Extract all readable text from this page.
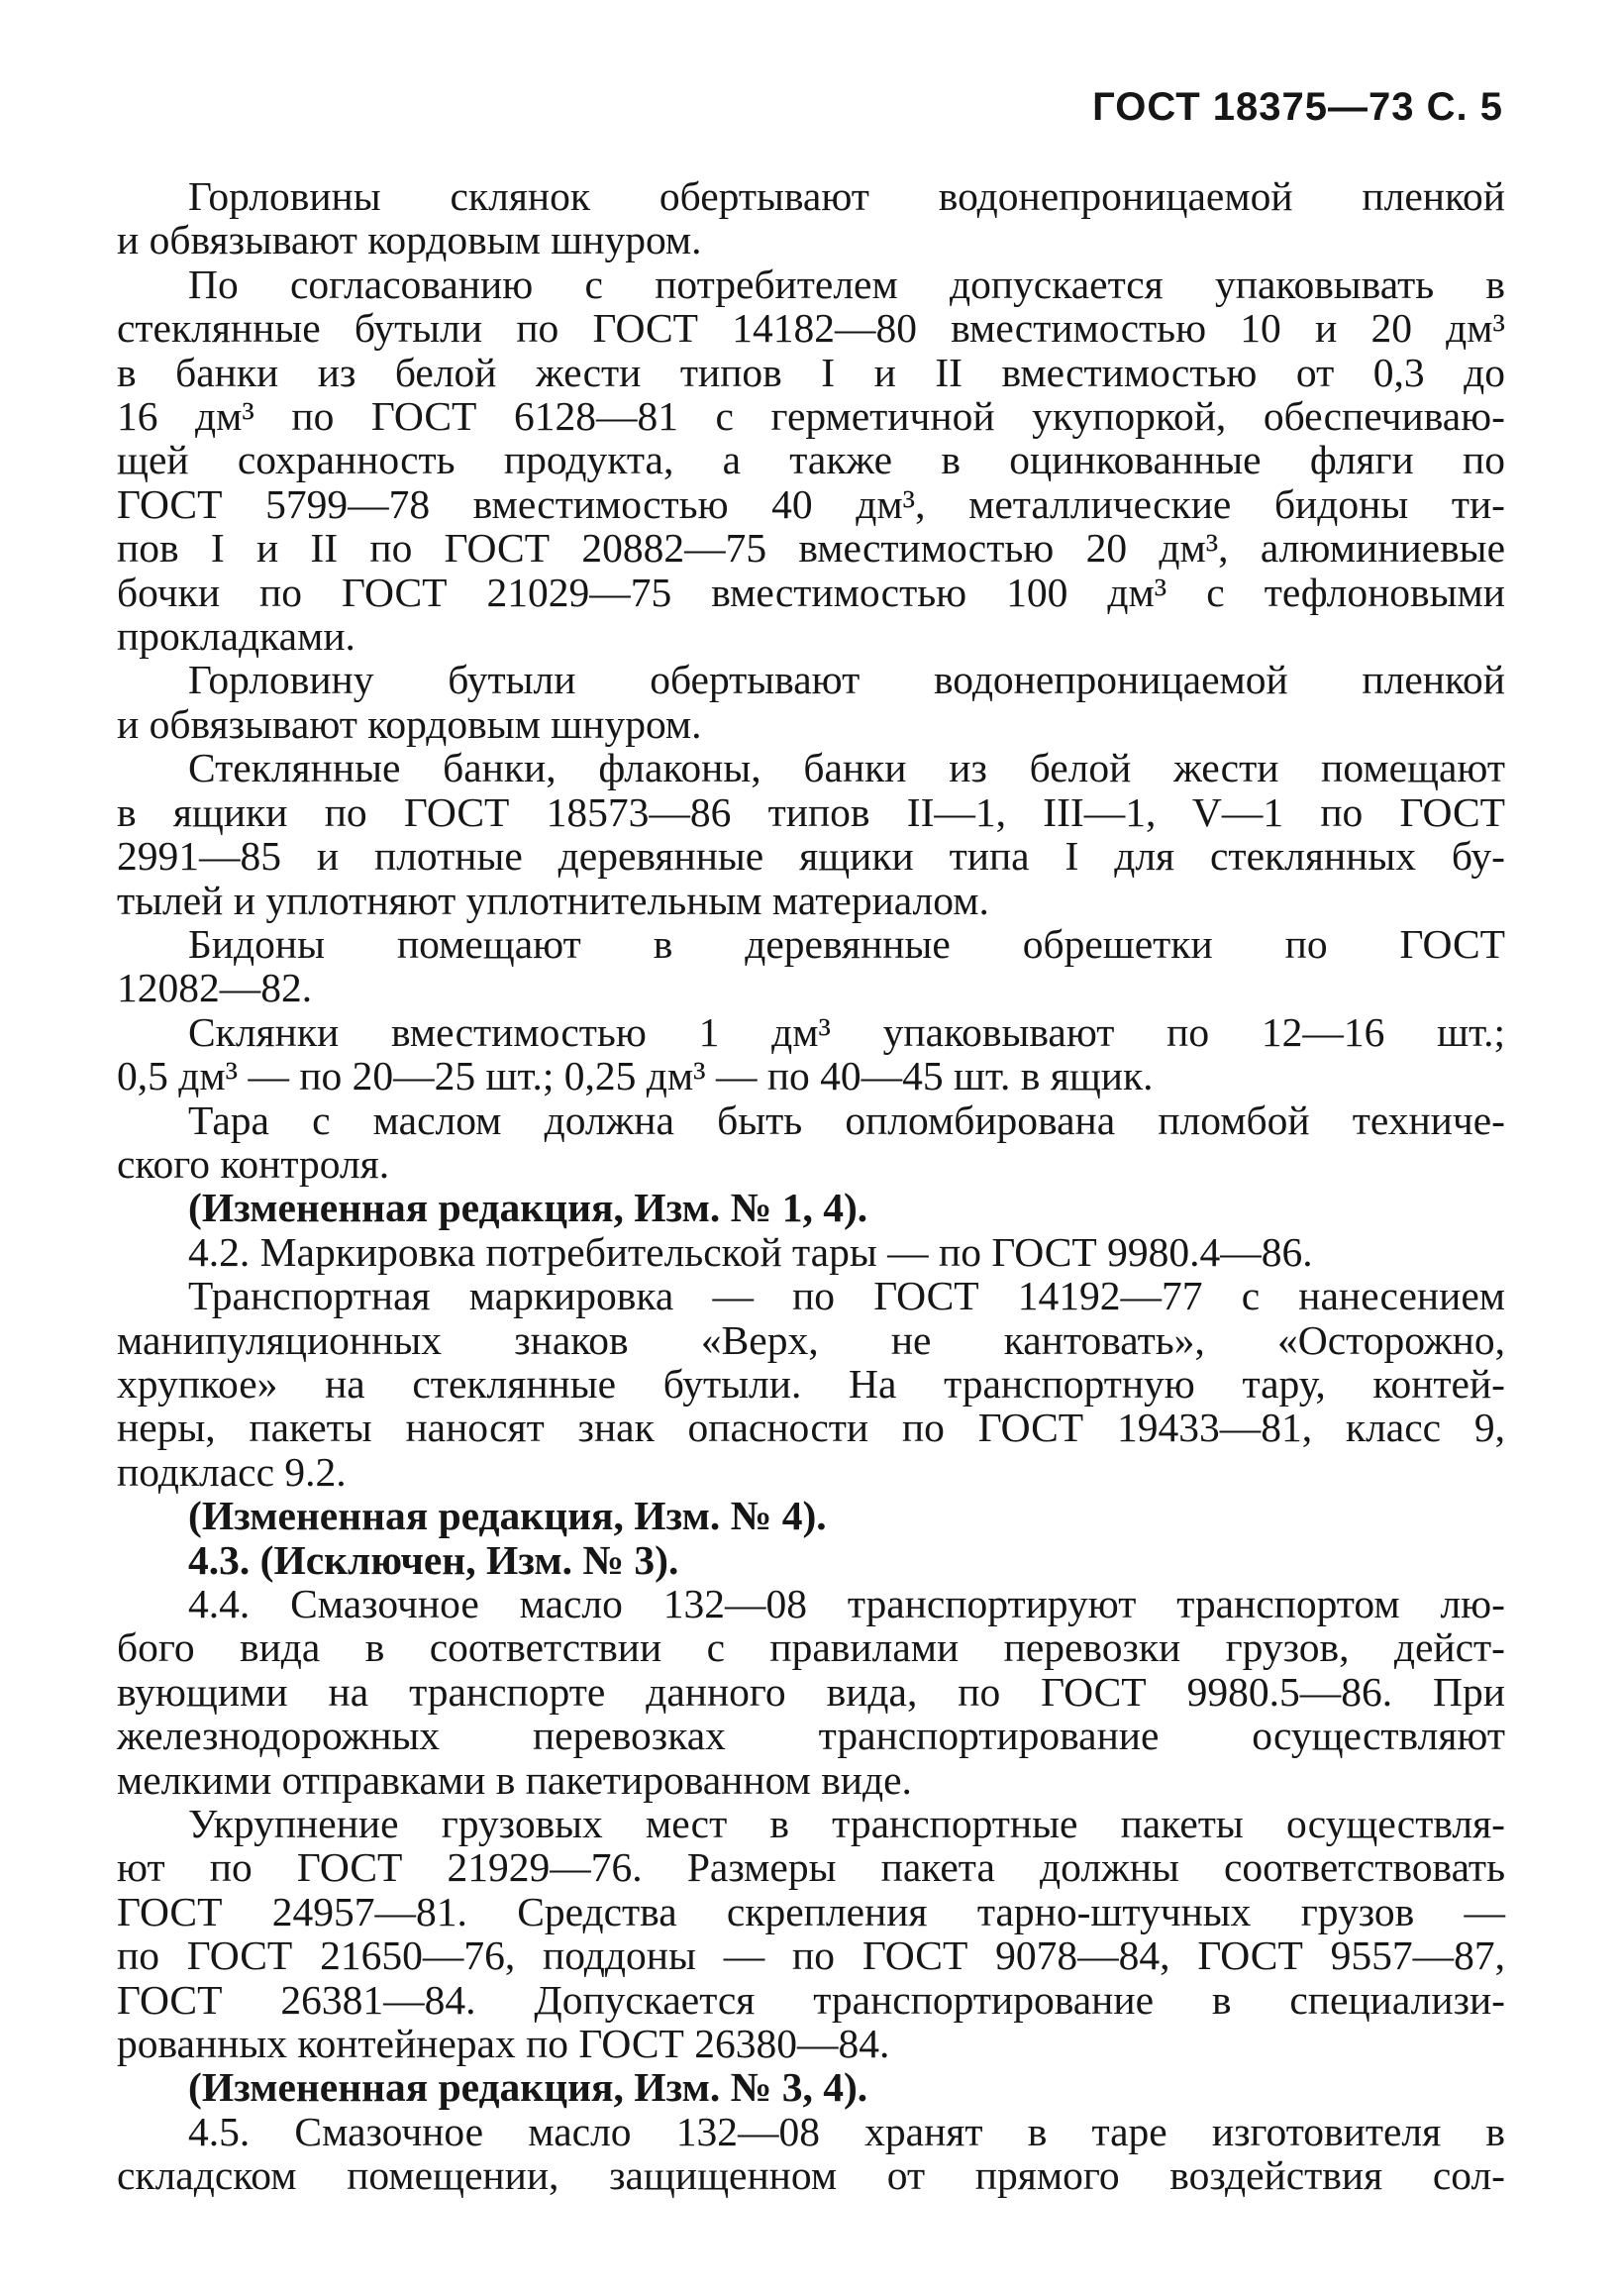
ГОСТ 18375—73 С. 5
Горловины склянок обертывают водонепроницаемой пленкой
и обвязывают кордовым шнуром.
По согласованию с потребителем допускается упаковывать в
стеклянные бутыли по ГОСТ 14182—80 вместимостью 10 и 20 дм³
в банки из белой жести типов I и II вместимостью от 0,3 до
16 дм³ по ГОСТ 6128—81 с герметичной укупоркой, обеспечиваю-
щей сохранность продукта, а также в оцинкованные фляги по
ГОСТ 5799—78 вместимостью 40 дм³, металлические бидоны ти-
пов I и II по ГОСТ 20882—75 вместимостью 20 дм³, алюминиевые
бочки по ГОСТ 21029—75 вместимостью 100 дм³ с тефлоновыми
прокладками.
Горловину бутыли обертывают водонепроницаемой пленкой
и обвязывают кордовым шнуром.
Стеклянные банки, флаконы, банки из белой жести помещают
в ящики по ГОСТ 18573—86 типов II—1, III—1, V—1 по ГОСТ
2991—85 и плотные деревянные ящики типа I для стеклянных бу-
тылей и уплотняют уплотнительным материалом.
Бидоны помещают в деревянные обрешетки по ГОСТ
12082—82.
Склянки вместимостью 1 дм³ упаковывают по 12—16 шт.;
0,5 дм³ — по 20—25 шт.; 0,25 дм³ — по 40—45 шт. в ящик.
Тара с маслом должна быть опломбирована пломбой техниче-
ского контроля.
(Измененная редакция, Изм. № 1, 4).
4.2. Маркировка потребительской тары — по ГОСТ 9980.4—86.
Транспортная маркировка — по ГОСТ 14192—77 с нанесением
манипуляционных знаков «Верх, не кантовать», «Осторожно,
хрупкое» на стеклянные бутыли. На транспортную тару, контей-
неры, пакеты наносят знак опасности по ГОСТ 19433—81, класс 9,
подкласс 9.2.
(Измененная редакция, Изм. № 4).
4.3. (Исключен, Изм. № 3).
4.4. Смазочное масло 132—08 транспортируют транспортом лю-
бого вида в соответствии с правилами перевозки грузов, дейст-
вующими на транспорте данного вида, по ГОСТ 9980.5—86. При
железнодорожных перевозках транспортирование осуществляют
мелкими отправками в пакетированном виде.
Укрупнение грузовых мест в транспортные пакеты осуществля-
ют по ГОСТ 21929—76. Размеры пакета должны соответствовать
ГОСТ 24957—81. Средства скрепления тарно-штучных грузов —
по ГОСТ 21650—76, поддоны — по ГОСТ 9078—84, ГОСТ 9557—87,
ГОСТ 26381—84. Допускается транспортирование в специализи-
рованных контейнерах по ГОСТ 26380—84.
(Измененная редакция, Изм. № 3, 4).
4.5. Смазочное масло 132—08 хранят в таре изготовителя в
складском помещении, защищенном от прямого воздействия сол-
